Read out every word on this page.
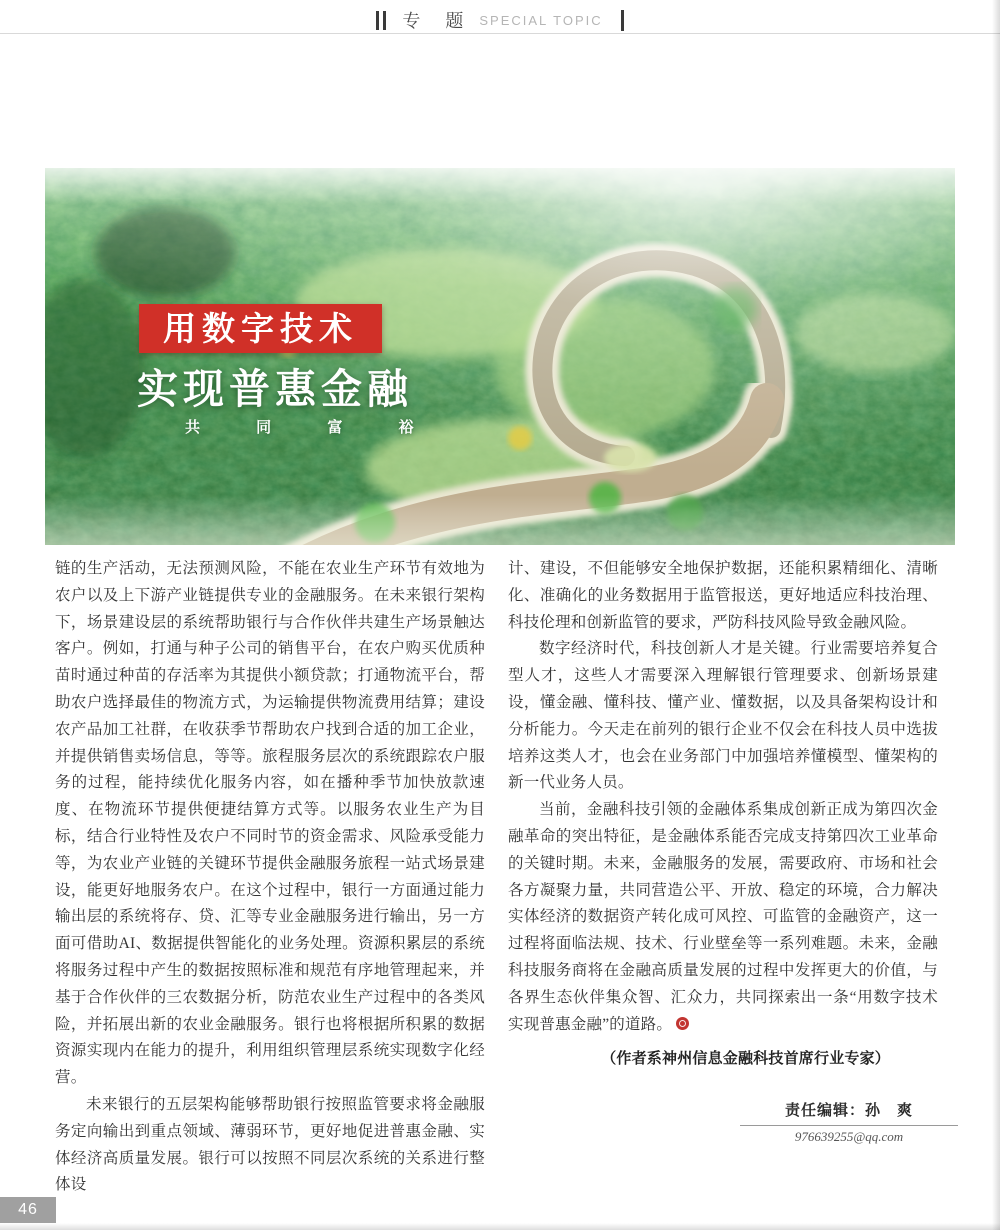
专 题 SPECIAL TOPIC
用数字技术
实现普惠金融
共 同 富 裕

链的生产活动，无法预测风险，不能在农业生产环节有效地为农户以及上下游产业链提供专业的金融服务。在未来银行架构下，场景建设层的系统帮助银行与合作伙伴共建生产场景触达客户。例如，打通与种子公司的销售平台，在农户购买优质种苗时通过种苗的存活率为其提供小额贷款；打通物流平台，帮助农户选择最佳的物流方式，为运输提供物流费用结算；建设农产品加工社群，在收获季节帮助农户找到合适的加工企业，并提供销售卖场信息，等等。旅程服务层次的系统跟踪农户服务的过程，能持续优化服务内容，如在播种季节加快放款速度、在物流环节提供便捷结算方式等。以服务农业生产为目标，结合行业特性及农户不同时节的资金需求、风险承受能力等，为农业产业链的关键环节提供金融服务旅程一站式场景建设，能更好地服务农户。在这个过程中，银行一方面通过能力输出层的系统将存、贷、汇等专业金融服务进行输出，另一方面可借助AI、数据提供智能化的业务处理。资源积累层的系统将服务过程中产生的数据按照标准和规范有序地管理起来，并基于合作伙伴的三农数据分析，防范农业生产过程中的各类风险，并拓展出新的农业金融服务。银行也将根据所积累的数据资源实现内在能力的提升，利用组织管理层系统实现数字化经营。

未来银行的五层架构能够帮助银行按照监管要求将金融服务定向输出到重点领域、薄弱环节，更好地促进普惠金融、实体经济高质量发展。银行可以按照不同层次系统的关系进行整体设

计、建设，不但能够安全地保护数据，还能积累精细化、清晰化、准确化的业务数据用于监管报送，更好地适应科技治理、科技伦理和创新监管的要求，严防科技风险导致金融风险。

数字经济时代，科技创新人才是关键。行业需要培养复合型人才，这些人才需要深入理解银行管理要求、创新场景建设，懂金融、懂科技、懂产业、懂数据，以及具备架构设计和分析能力。今天走在前列的银行企业不仅会在科技人员中选拔培养这类人才，也会在业务部门中加强培养懂模型、懂架构的新一代业务人员。

当前，金融科技引领的金融体系集成创新正成为第四次金融革命的突出特征，是金融体系能否完成支持第四次工业革命的关键时期。未来，金融服务的发展，需要政府、市场和社会各方凝聚力量，共同营造公平、开放、稳定的环境，合力解决实体经济的数据资产转化成可风控、可监管的金融资产，这一过程将面临法规、技术、行业壁垒等一系列难题。未来，金融科技服务商将在金融高质量发展的过程中发挥更大的价值，与各界生态伙伴集众智、汇众力，共同探索出一条“用数字技术实现普惠金融”的道路。

（作者系神州信息金融科技首席行业专家）

责任编辑：孙　爽
976639255@qq.com
46
